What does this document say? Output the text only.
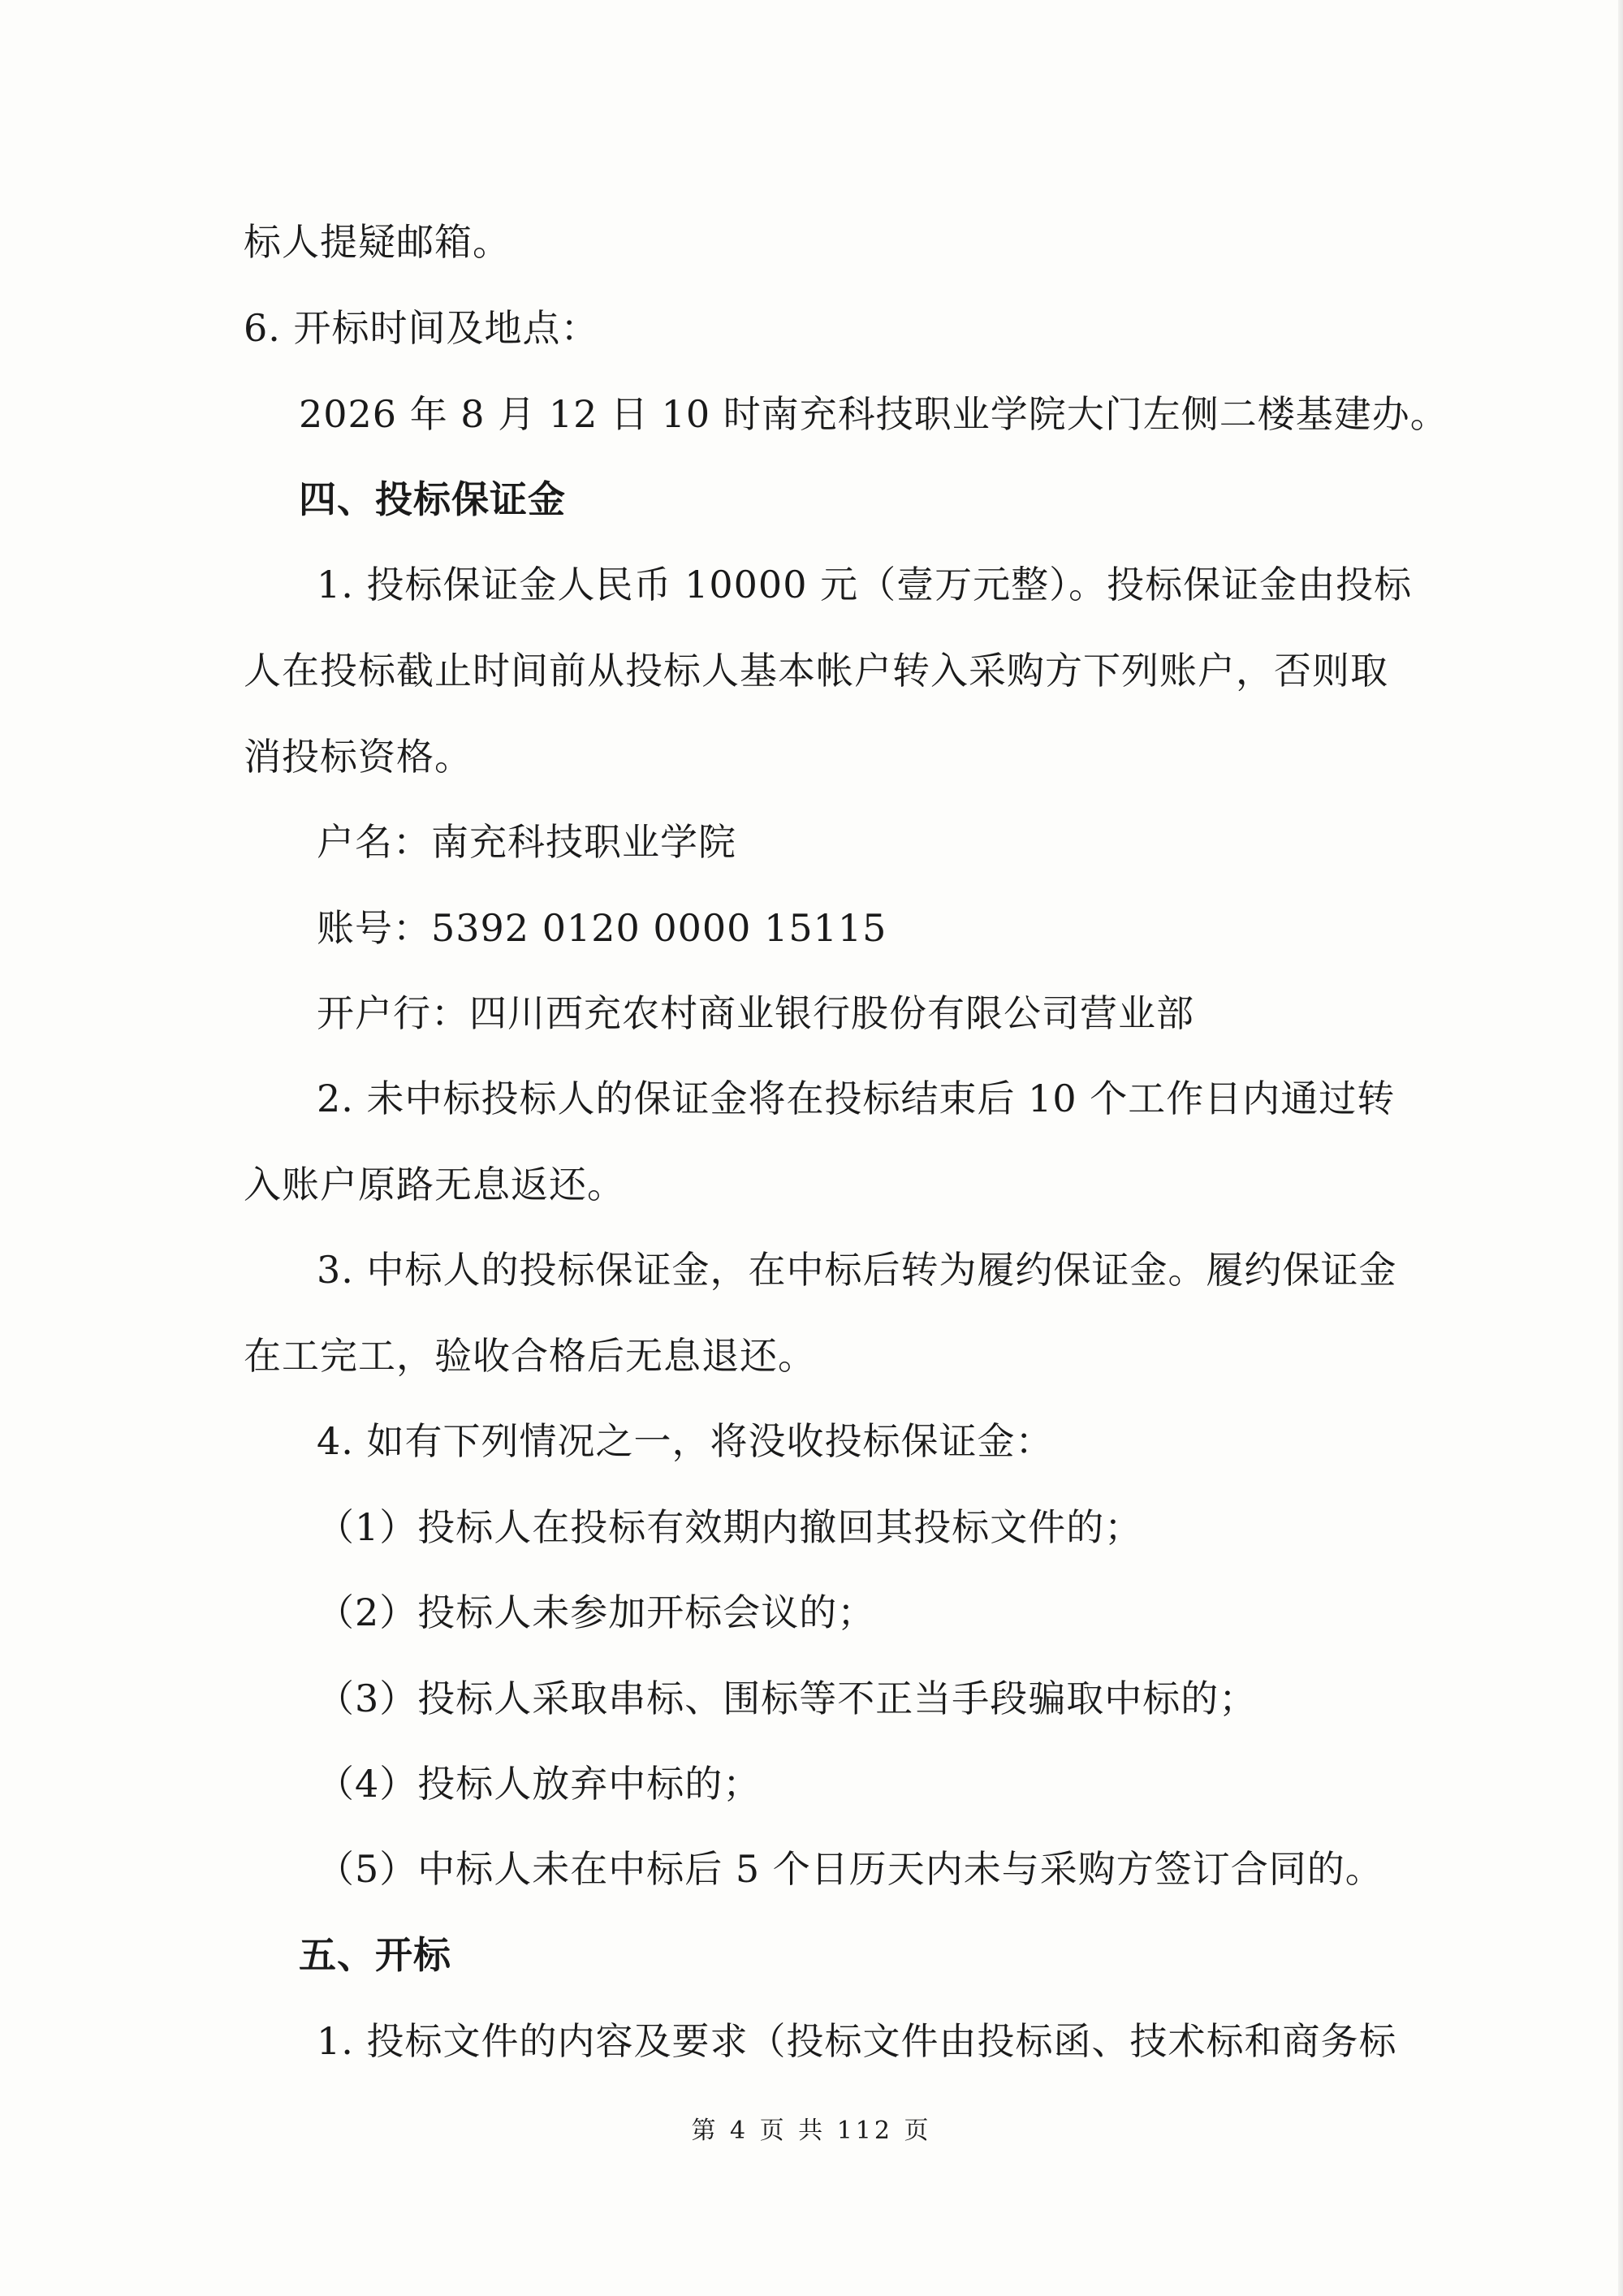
标人提疑邮箱。
6. 开标时间及地点：
2026 年 8 月 12 日 10 时南充科技职业学院大门左侧二楼基建办。
四、投标保证金
1. 投标保证金人民币 10000 元（壹万元整）。投标保证金由投标
人在投标截止时间前从投标人基本帐户转入采购方下列账户，否则取
消投标资格。
户名：南充科技职业学院
账号：5392 0120 0000 15115
开户行：四川西充农村商业银行股份有限公司营业部
2. 未中标投标人的保证金将在投标结束后 10 个工作日内通过转
入账户原路无息返还。
3. 中标人的投标保证金，在中标后转为履约保证金。履约保证金
在工完工，验收合格后无息退还。
4. 如有下列情况之一，将没收投标保证金：
（1）投标人在投标有效期内撤回其投标文件的；
（2）投标人未参加开标会议的；
（3）投标人采取串标、围标等不正当手段骗取中标的；
（4）投标人放弃中标的；
（5）中标人未在中标后 5 个日历天内未与采购方签订合同的。
五、开标
1. 投标文件的内容及要求（投标文件由投标函、技术标和商务标
第 4 页 共 112 页
